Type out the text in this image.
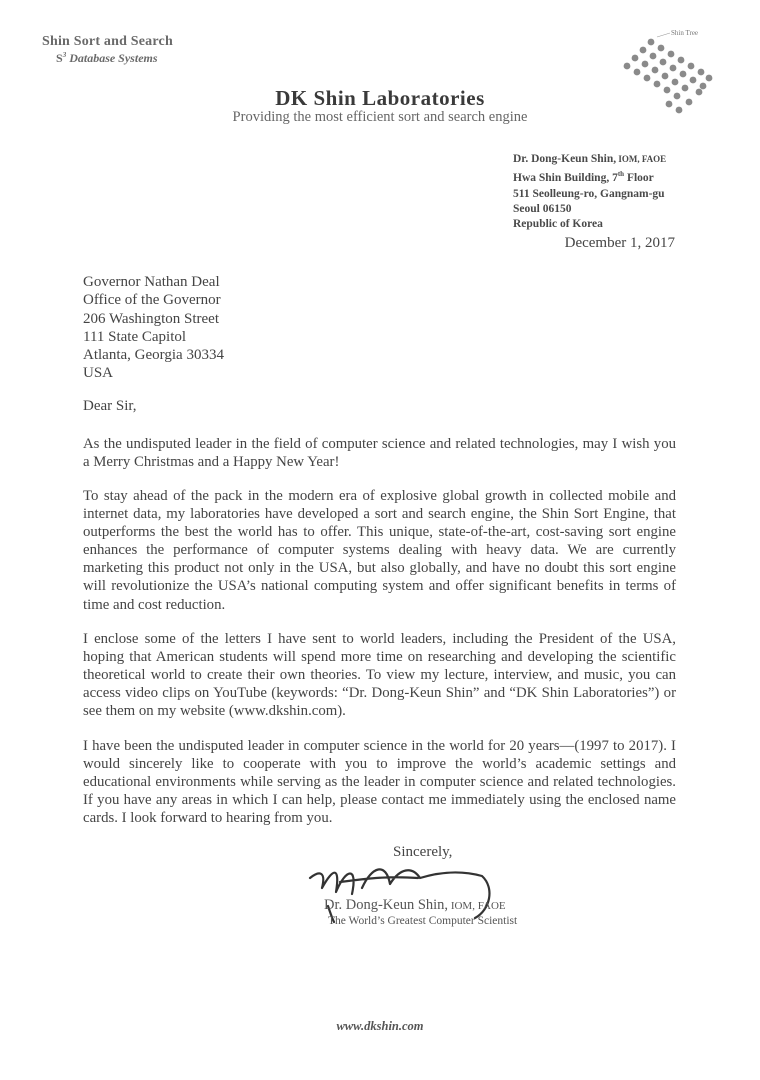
Shin Sort and Search
$S^3$ Database Systems
Shin Tree
DK Shin Laboratories
Providing the most efficient sort and search engine
Dr. Dong-Keun Shin, IOM, FAOE
Hwa Shin Building, 7th Floor
511 Seolleung-ro, Gangnam-gu
Seoul 06150
Republic of Korea
December 1, 2017
Governor Nathan Deal
Office of the Governor
206 Washington Street
111 State Capitol
Atlanta, Georgia 30334
USA
Dear Sir,
As the undisputed leader in the field of computer science and related technologies, may I wish you a Merry Christmas and a Happy New Year!
To stay ahead of the pack in the modern era of explosive global growth in collected mobile and internet data, my laboratories have developed a sort and search engine, the Shin Sort Engine, that outperforms the best the world has to offer. This unique, state-of-the-art, cost-saving sort engine enhances the performance of computer systems dealing with heavy data. We are currently marketing this product not only in the USA, but also globally, and have no doubt this sort engine will revolutionize the USA’s national computing system and offer significant benefits in terms of time and cost reduction.
I enclose some of the letters I have sent to world leaders, including the President of the USA, hoping that American students will spend more time on researching and developing the scientific theoretical world to create their own theories. To view my lecture, interview, and music, you can access video clips on YouTube (keywords: “Dr. Dong-Keun Shin” and “DK Shin Laboratories”) or see them on my website (www.dkshin.com).
I have been the undisputed leader in computer science in the world for 20 years—(1997 to 2017). I would sincerely like to cooperate with you to improve the world’s academic settings and educational environments while serving as the leader in computer science and related technologies. If you have any areas in which I can help, please contact me immediately using the enclosed name cards. I look forward to hearing from you.
Sincerely,
Dr. Dong-Keun Shin, IOM, FAOE
The World’s Greatest Computer Scientist
www.dkshin.com
